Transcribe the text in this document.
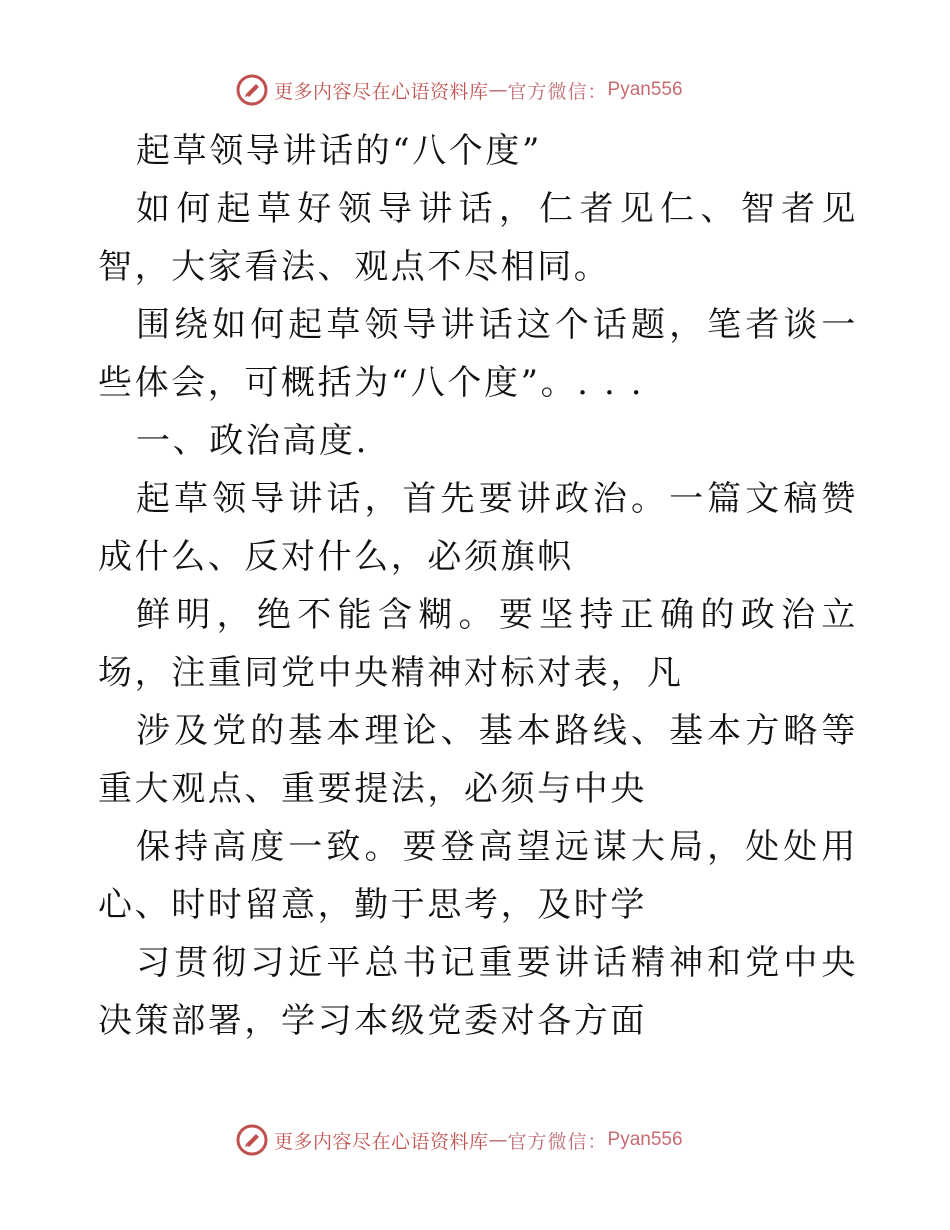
更多内容尽在心语资料库 — 官方微信： Pyan556

起草领导讲话的“八个度”

如何起草好领导讲话，仁者见仁、智者见智，大家看法、观点不尽相同。

围绕如何起草领导讲话这个话题，笔者谈一些体会，可概括为“八个度”。. . .

一、政治高度.

起草领导讲话，首先要讲政治。一篇文稿赞成什么、反对什么，必须旗帜

鲜明，绝不能含糊。要坚持正确的政治立场，注重同党中央精神对标对表，凡

涉及党的基本理论、基本路线、基本方略等重大观点、重要提法，必须与中央

保持高度一致。要登高望远谋大局，处处用心、时时留意，勤于思考，及时学

习贯彻习近平总书记重要讲话精神和党中央决策部署，学习本级党委对各方面

更多内容尽在心语资料库 — 官方微信： Pyan556
